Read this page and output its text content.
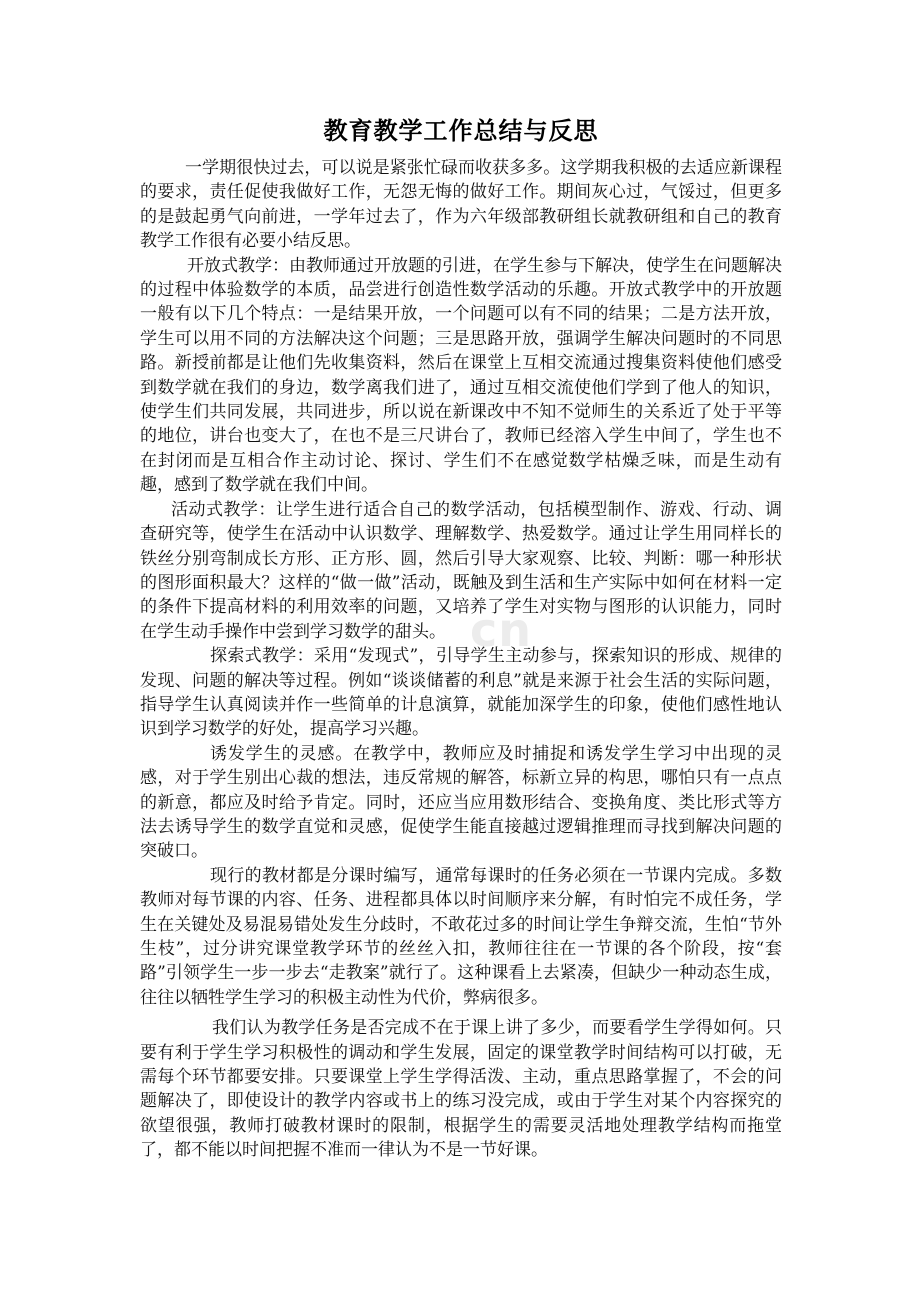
cn
教育教学工作总结与反思

一学期很快过去，可以说是紧张忙碌而收获多多。这学期我积极的去适应新课程的要求，责任促使我做好工作，无怨无悔的做好工作。期间灰心过，气馁过，但更多的是鼓起勇气向前进，一学年过去了，作为六年级部教研组长就教研组和自己的教育教学工作很有必要小结反思。

开放式教学：由教师通过开放题的引进，在学生参与下解决，使学生在问题解决的过程中体验数学的本质，品尝进行创造性数学活动的乐趣。开放式教学中的开放题一般有以下几个特点：一是结果开放，一个问题可以有不同的结果；二是方法开放，学生可以用不同的方法解决这个问题；三是思路开放，强调学生解决问题时的不同思路。新授前都是让他们先收集资料，然后在课堂上互相交流通过搜集资料使他们感受到数学就在我们的身边，数学离我们进了，通过互相交流使他们学到了他人的知识，使学生们共同发展，共同进步，所以说在新课改中不知不觉师生的关系近了处于平等的地位，讲台也变大了，在也不是三尺讲台了，教师已经溶入学生中间了，学生也不在封闭而是互相合作主动讨论、探讨、学生们不在感觉数学枯燥乏味，而是生动有趣，感到了数学就在我们中间。

活动式教学：让学生进行适合自己的数学活动，包括模型制作、游戏、行动、调查研究等，使学生在活动中认识数学、理解数学、热爱数学。通过让学生用同样长的铁丝分别弯制成长方形、正方形、圆，然后引导大家观察、比较、判断：哪一种形状的图形面积最大？这样的“做一做”活动，既触及到生活和生产实际中如何在材料一定的条件下提高材料的利用效率的问题，又培养了学生对实物与图形的认识能力，同时在学生动手操作中尝到学习数学的甜头。

探索式教学：采用“发现式”，引导学生主动参与，探索知识的形成、规律的发现、问题的解决等过程。例如“谈谈储蓄的利息”就是来源于社会生活的实际问题，指导学生认真阅读并作一些简单的计息演算，就能加深学生的印象，使他们感性地认识到学习数学的好处，提高学习兴趣。

诱发学生的灵感。在教学中，教师应及时捕捉和诱发学生学习中出现的灵感，对于学生别出心裁的想法，违反常规的解答，标新立异的构思，哪怕只有一点点的新意，都应及时给予肯定。同时，还应当应用数形结合、变换角度、类比形式等方法去诱导学生的数学直觉和灵感，促使学生能直接越过逻辑推理而寻找到解决问题的突破口。

现行的教材都是分课时编写，通常每课时的任务必须在一节课内完成。多数教师对每节课的内容、任务、进程都具体以时间顺序来分解，有时怕完不成任务，学生在关键处及易混易错处发生分歧时，不敢花过多的时间让学生争辩交流，生怕“节外生枝”，过分讲究课堂教学环节的丝丝入扣，教师往往在一节课的各个阶段，按“套路”引领学生一步一步去“走教案”就行了。这种课看上去紧凑，但缺少一种动态生成，往往以牺牲学生学习的积极主动性为代价，弊病很多。

我们认为教学任务是否完成不在于课上讲了多少，而要看学生学得如何。只要有利于学生学习积极性的调动和学生发展，固定的课堂教学时间结构可以打破，无需每个环节都要安排。只要课堂上学生学得活泼、主动，重点思路掌握了，不会的问题解决了，即使设计的教学内容或书上的练习没完成，或由于学生对某个内容探究的欲望很强，教师打破教材课时的限制，根据学生的需要灵活地处理教学结构而拖堂了，都不能以时间把握不准而一律认为不是一节好课。
